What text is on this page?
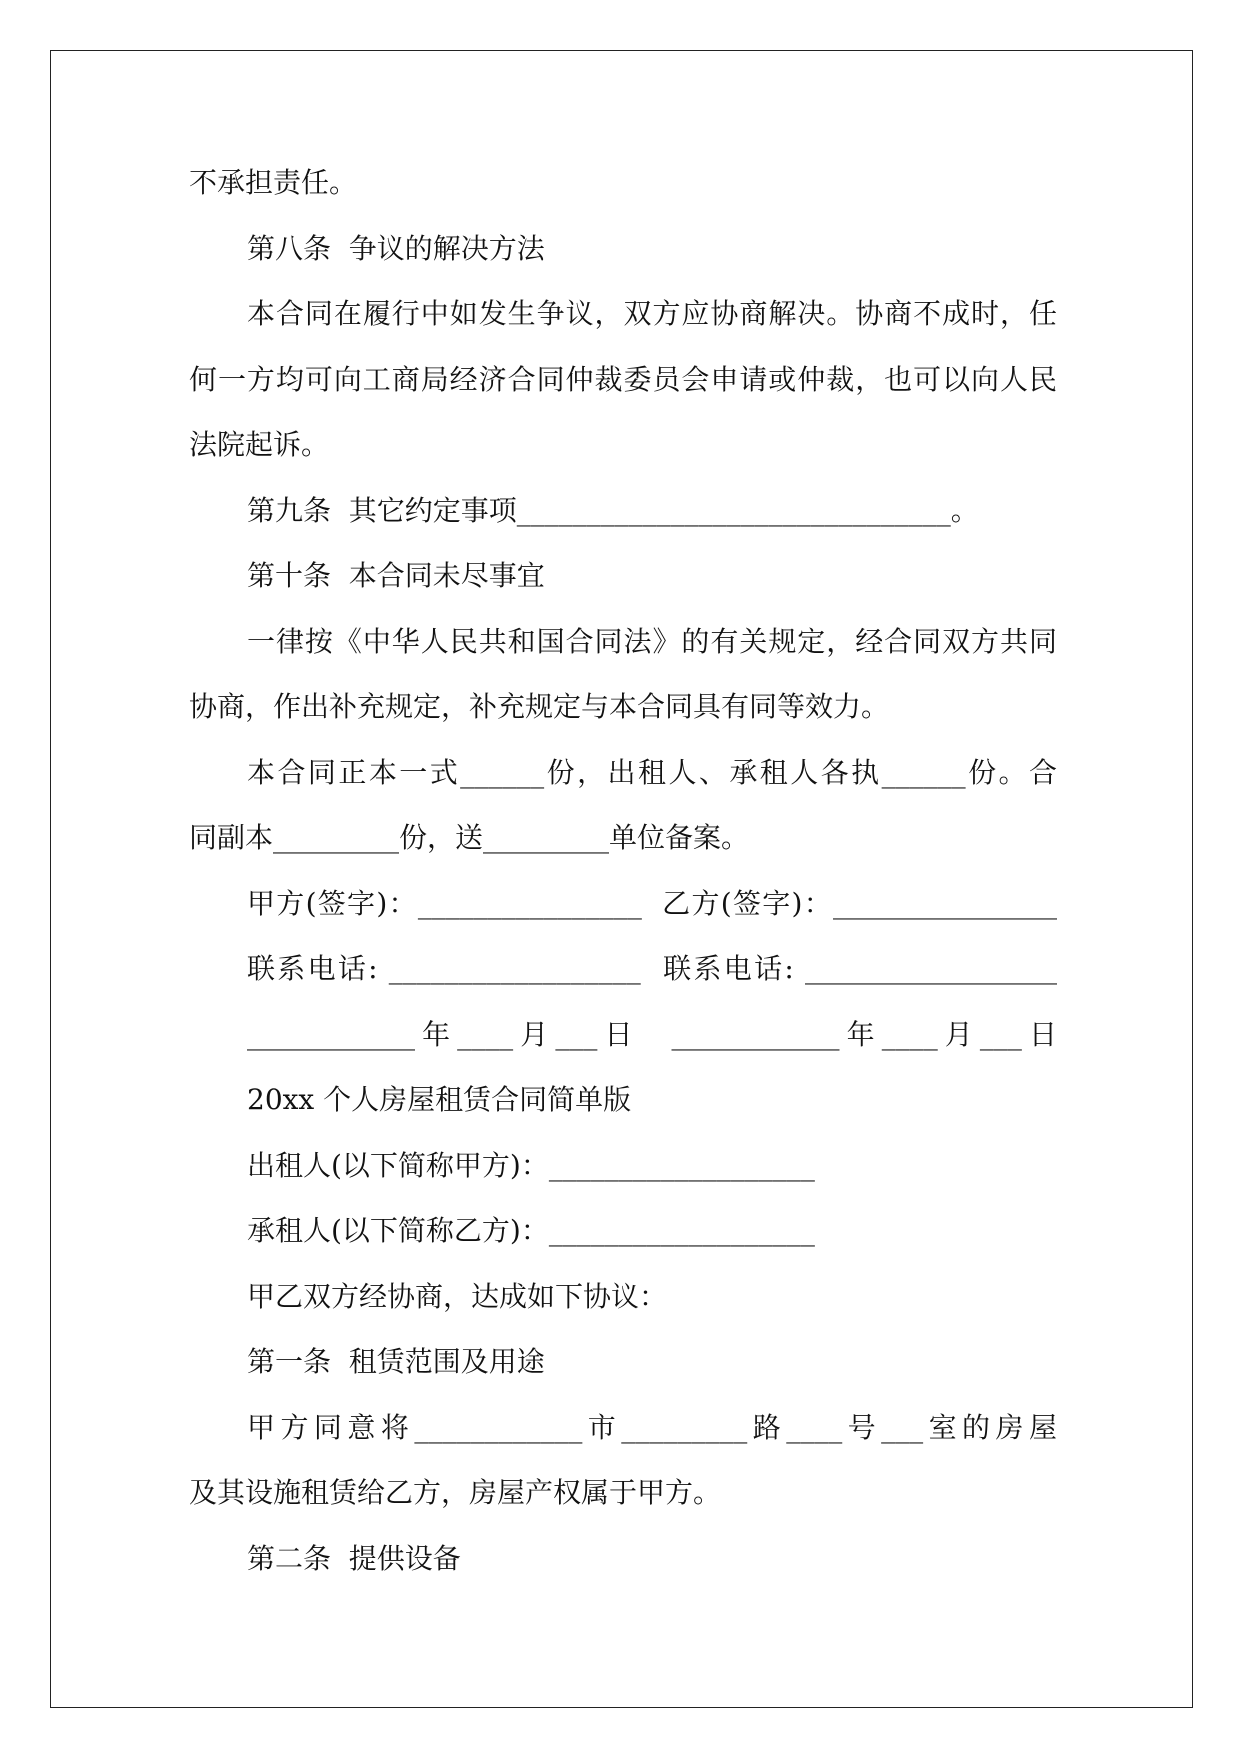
不承担责任。
第八条  争议的解决方法
本合同在履行中如发生争议，双方应协商解决。协商不成时，任
何一方均可向工商局经济合同仲裁委员会申请或仲裁，也可以向人民
法院起诉。
第九条  其它约定事项_______________________________。
第十条  本合同未尽事宜
一律按《中华人民共和国合同法》的有关规定，经合同双方共同
协商，作出补充规定，补充规定与本合同具有同等效力。
本合同正本一式______份，出租人、承租人各执______份。合
同副本_________份，送_________单位备案。
甲方(签字)：________________  乙方(签字)：________________
联系电话: __________________  联系电话: __________________
____________年____月___日  ____________年____月___日
20xx 个人房屋租赁合同简单版
出租人(以下简称甲方)：___________________
承租人(以下简称乙方)：___________________
甲乙双方经协商，达成如下协议：
第一条  租赁范围及用途
甲方同意将____________市_________路____号___室的房屋
及其设施租赁给乙方，房屋产权属于甲方。
第二条  提供设备
